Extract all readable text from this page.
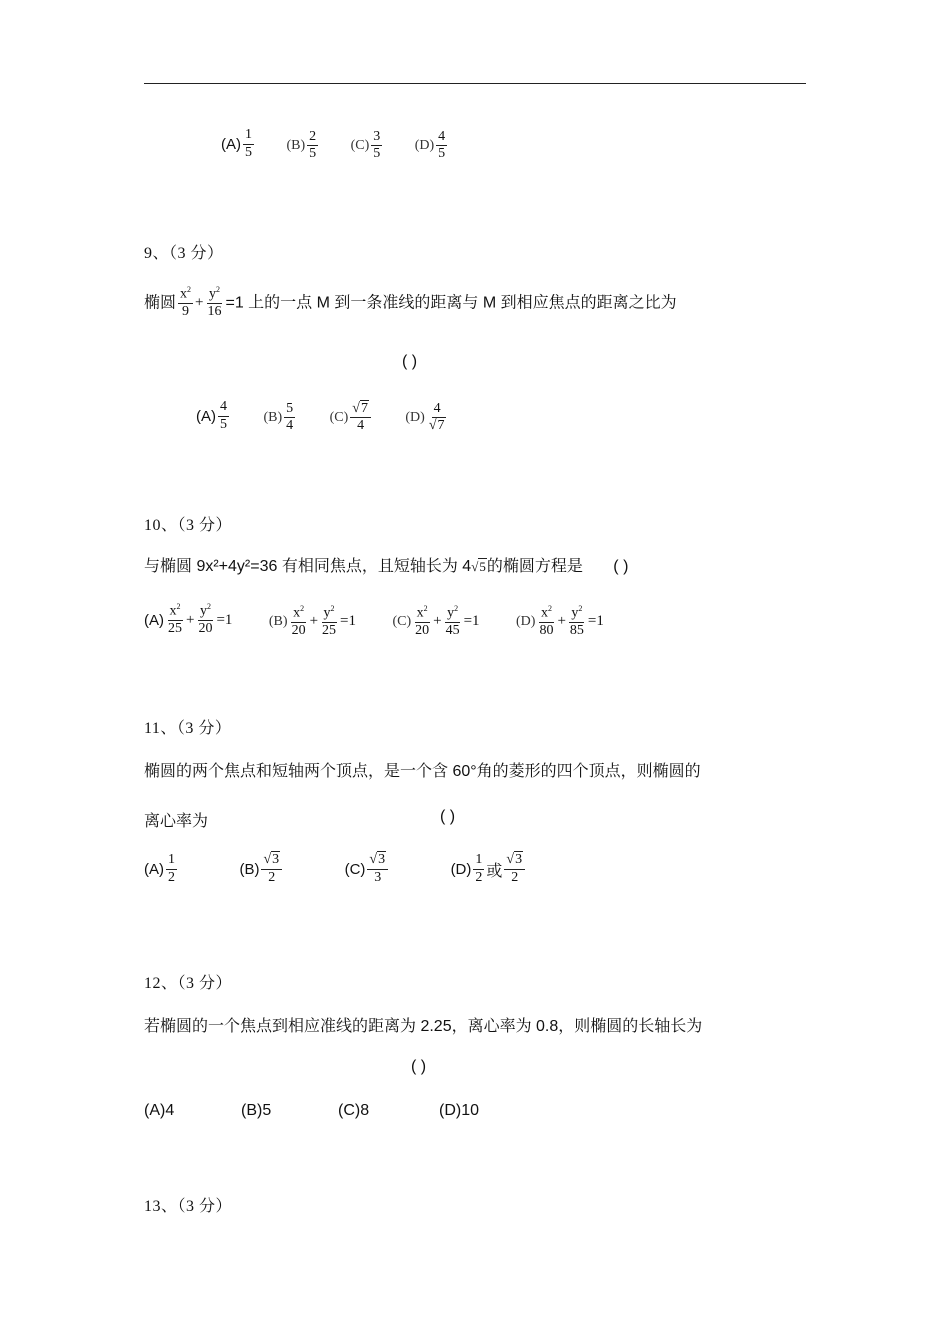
$(A) \frac{1}{5}$
$(B) \frac{2}{5}$
$(C) \frac{3}{5}$
$(D) \frac{4}{5}$
9、（3 分）
椭圆 $\frac{x^2}{9} + \frac{y^2}{16} =1$ 上的一点 M 到一条准线的距离与 M 到相应焦点的距离之比为
( )
$(A) \frac{4}{5}$
$(B) \frac{5}{4}$
$(C) \frac{√7}{4}$
$(D) \frac{4}{√7}$
10、（3 分）
与椭圆 9x²+4y²=36 有相同焦点，且短轴长为 4√5的椭圆方程是 ( )
$(A) \frac{x^2}{25} + \frac{y^2}{20} =1$
	$(B) \frac{x^2}{20} + \frac{y^2}{25} =1$
	$(C) \frac{x^2}{20} + \frac{y^2}{45} =1$
	$(D) \frac{x^2}{80} + \frac{y^2}{85} =1$
11、（3 分）
椭圆的两个焦点和短轴两个顶点，是一个含 60°角的菱形的四个顶点，则椭圆的
离心率为	( )
$(A) \frac{1}{2}$
	$(B) \frac{√3}{2}$
	$(C) \frac{√3}{3}$
	$(D) \frac{1}{2}$ 或 $\frac{√3}{2}$
12、（3 分）
若椭圆的一个焦点到相应准线的距离为 2.25，离心率为 0.8，则椭圆的长轴长为
( )
(A)4	(B)5	(C)8	(D)10
13、（3 分）
